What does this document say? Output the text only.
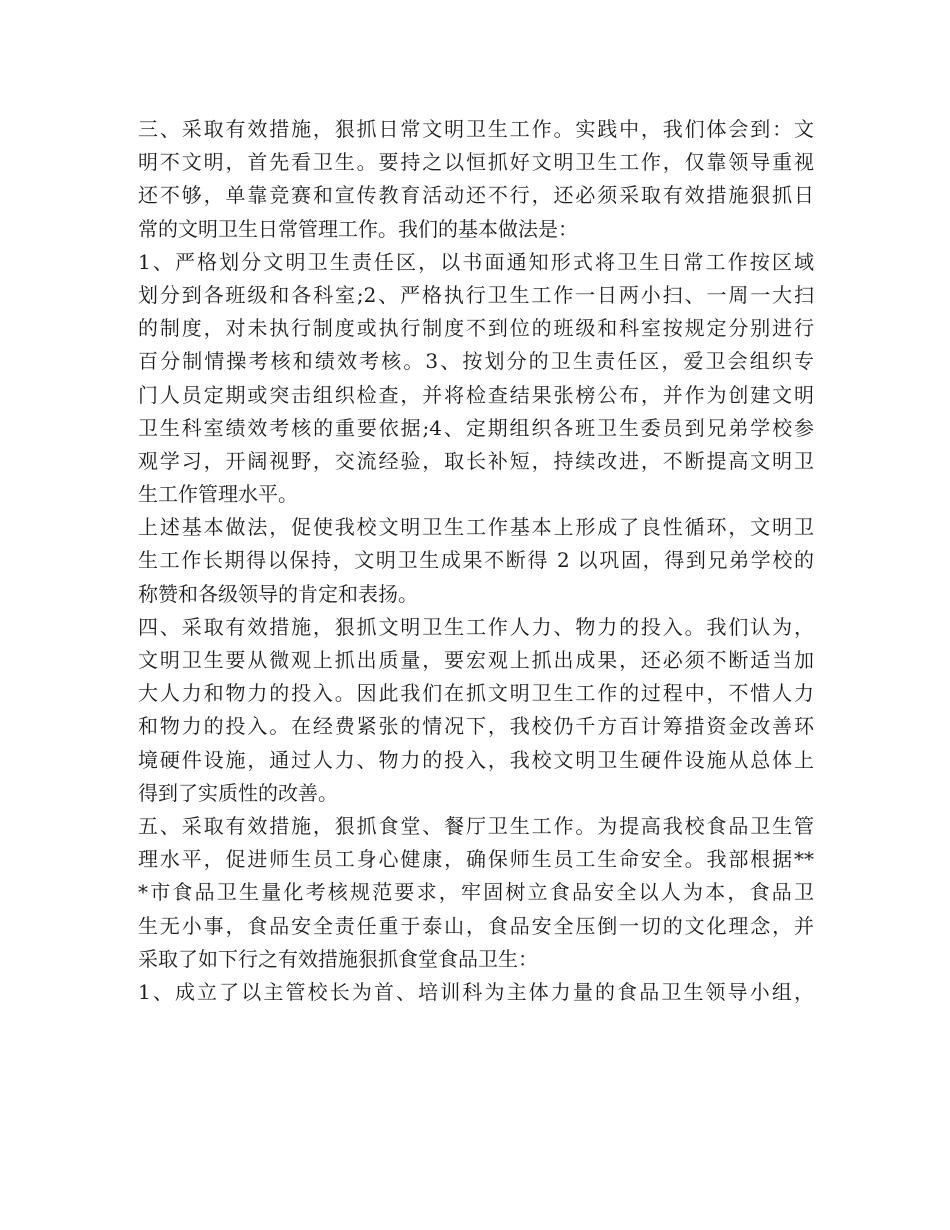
三、采取有效措施，狠抓日常文明卫生工作。实践中，我们体会到：文
明不文明，首先看卫生。要持之以恒抓好文明卫生工作，仅靠领导重视
还不够，单靠竞赛和宣传教育活动还不行，还必须采取有效措施狠抓日
常的文明卫生日常管理工作。我们的基本做法是：
1、严格划分文明卫生责任区，以书面通知形式将卫生日常工作按区域
划分到各班级和各科室;2、严格执行卫生工作一日两小扫、一周一大扫
的制度，对未执行制度或执行制度不到位的班级和科室按规定分别进行
百分制情操考核和绩效考核。3、按划分的卫生责任区，爱卫会组织专
门人员定期或突击组织检查，并将检查结果张榜公布，并作为创建文明
卫生科室绩效考核的重要依据;4、定期组织各班卫生委员到兄弟学校参
观学习，开阔视野，交流经验，取长补短，持续改进，不断提高文明卫
生工作管理水平。
上述基本做法，促使我校文明卫生工作基本上形成了良性循环，文明卫
生工作长期得以保持，文明卫生成果不断得 2 以巩固，得到兄弟学校的
称赞和各级领导的肯定和表扬。
四、采取有效措施，狠抓文明卫生工作人力、物力的投入。我们认为，
文明卫生要从微观上抓出质量，要宏观上抓出成果，还必须不断适当加
大人力和物力的投入。因此我们在抓文明卫生工作的过程中，不惜人力
和物力的投入。在经费紧张的情况下，我校仍千方百计筹措资金改善环
境硬件设施，通过人力、物力的投入，我校文明卫生硬件设施从总体上
得到了实质性的改善。
五、采取有效措施，狠抓食堂、餐厅卫生工作。为提高我校食品卫生管
理水平，促进师生员工身心健康，确保师生员工生命安全。我部根据**
*市食品卫生量化考核规范要求，牢固树立食品安全以人为本，食品卫
生无小事，食品安全责任重于泰山，食品安全压倒一切的文化理念，并
采取了如下行之有效措施狠抓食堂食品卫生：
1、成立了以主管校长为首、培训科为主体力量的食品卫生领导小组，
